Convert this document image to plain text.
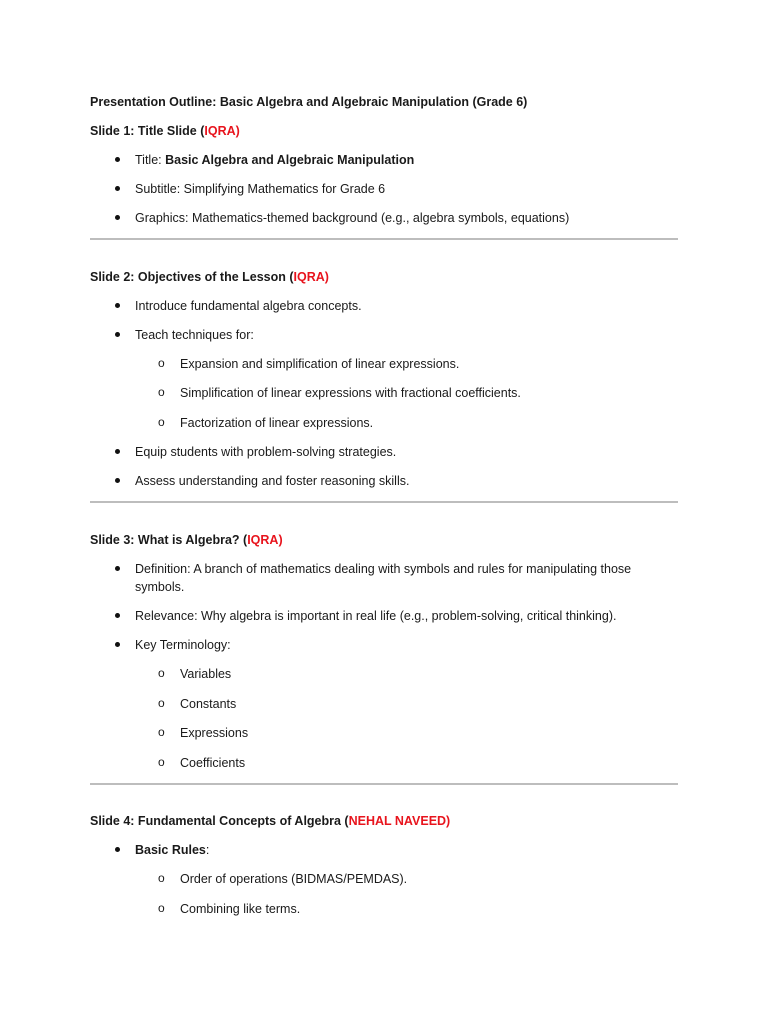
Presentation Outline: Basic Algebra and Algebraic Manipulation (Grade 6)
Slide 1: Title Slide (IQRA)
Title: Basic Algebra and Algebraic Manipulation
Subtitle: Simplifying Mathematics for Grade 6
Graphics: Mathematics-themed background (e.g., algebra symbols, equations)
Slide 2: Objectives of the Lesson (IQRA)
Introduce fundamental algebra concepts.
Teach techniques for:
o Expansion and simplification of linear expressions.
o Simplification of linear expressions with fractional coefficients.
o Factorization of linear expressions.
Equip students with problem-solving strategies.
Assess understanding and foster reasoning skills.
Slide 3: What is Algebra? (IQRA)
Definition: A branch of mathematics dealing with symbols and rules for manipulating those symbols.
Relevance: Why algebra is important in real life (e.g., problem-solving, critical thinking).
Key Terminology:
o Variables
o Constants
o Expressions
o Coefficients
Slide 4: Fundamental Concepts of Algebra (NEHAL NAVEED)
Basic Rules:
o Order of operations (BIDMAS/PEMDAS).
o Combining like terms.
